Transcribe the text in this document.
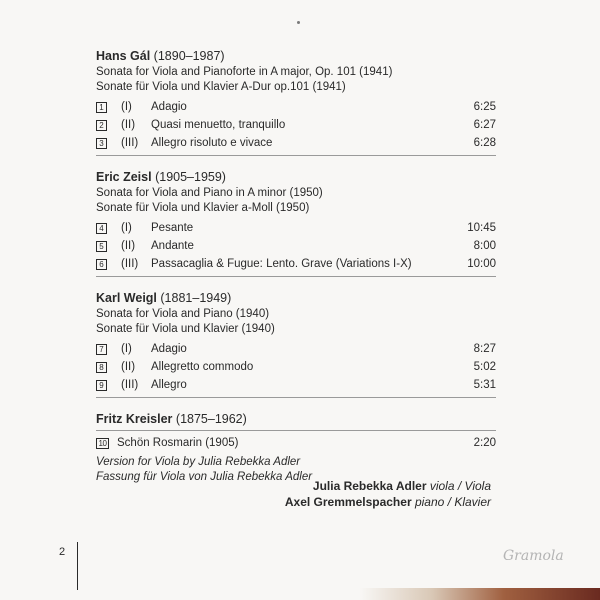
Hans Gál (1890–1987)
Sonata for Viola and Pianoforte in A major, Op. 101 (1941)
Sonate für Viola und Klavier A-Dur op.101 (1941)
1 (I)	Adagio	6:25
2 (II)	Quasi menuetto, tranquillo	6:27
3 (III)	Allegro risoluto e vivace	6:28
Eric Zeisl (1905–1959)
Sonata for Viola and Piano in A minor (1950)
Sonate für Viola und Klavier a-Moll (1950)
4 (I)	Pesante	10:45
5 (II)	Andante	8:00
6 (III)	Passacaglia & Fugue: Lento. Grave (Variations I-X)	10:00
Karl Weigl (1881–1949)
Sonata for Viola and Piano (1940)
Sonate für Viola und Klavier (1940)
7 (I)	Adagio	8:27
8 (II)	Allegretto commodo	5:02
9 (III)	Allegro	5:31
Fritz Kreisler (1875–1962)
10 Schön Rosmarin (1905)	2:20
Version for Viola by Julia Rebekka Adler
Fassung für Viola von Julia Rebekka Adler
Julia Rebekka Adler viola / Viola
Axel Gremmelspacher piano / Klavier
2	Gramola
